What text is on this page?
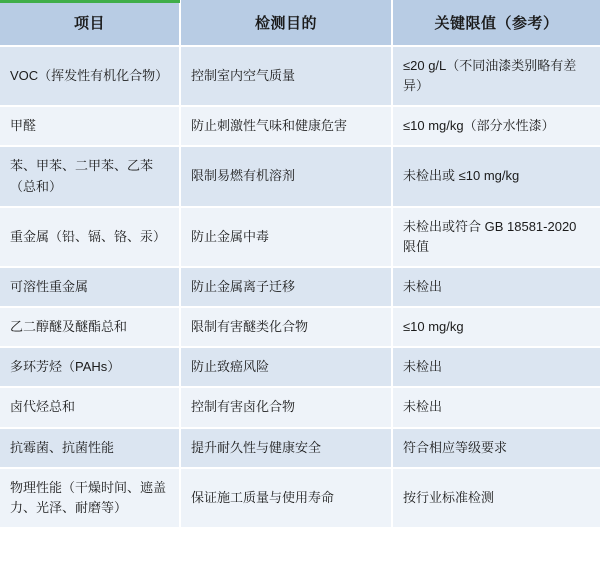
项目	检测目的	关键限值（参考）
VOC（挥发性有机化合物）	控制室内空气质量	≤20 g/L（不同油漆类别略有差异）
甲醛	防止刺激性气味和健康危害	≤10 mg/kg（部分水性漆）
苯、甲苯、二甲苯、乙苯（总和）	限制易燃有机溶剂	未检出或 ≤10 mg/kg
重金属（铅、镉、铬、汞）	防止金属中毒	未检出或符合 GB 18581-2020 限值
可溶性重金属	防止金属离子迁移	未检出
乙二醇醚及醚酯总和	限制有害醚类化合物	≤10 mg/kg
多环芳烃（PAHs）	防止致癌风险	未检出
卤代烃总和	控制有害卤化合物	未检出
抗霉菌、抗菌性能	提升耐久性与健康安全	符合相应等级要求
物理性能（干燥时间、遮盖力、光泽、耐磨等）	保证施工质量与使用寿命	按行业标准检测
